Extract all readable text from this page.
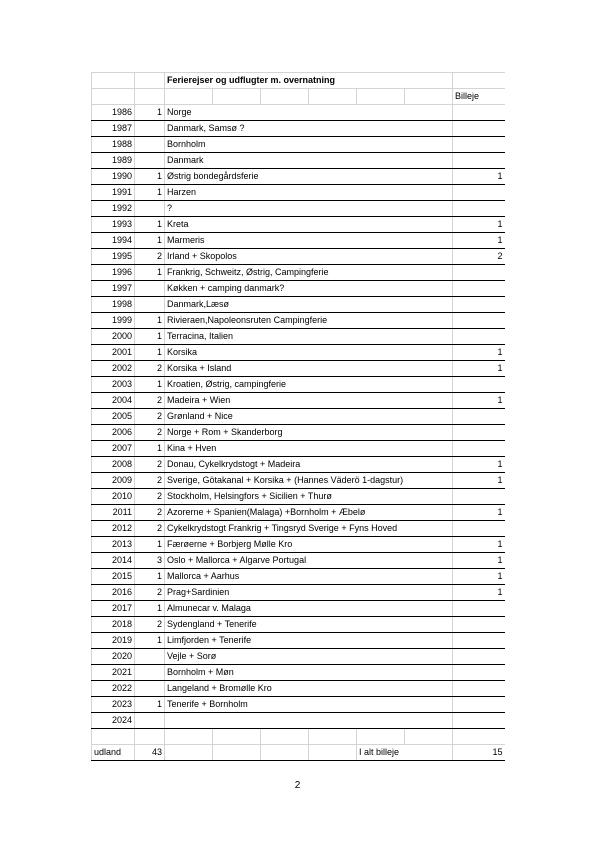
		Ferierejser og udflugter m. overnatning						
								Billeje
1986	1	Norge						
1987		Danmark, Samsø ?						
1988		Bornholm						
1989		Danmark						
1990	1	Østrig bondegårdsferie						1
1991	1	Harzen						
1992		?						
1993	1	Kreta						1
1994	1	Marmeris						1
1995	2	Irland + Skopolos						2
1996	1	Frankrig, Schweitz, Østrig, Campingferie						
1997		Køkken + camping danmark?						
1998		Danmark,Læsø						
1999	1	Rivieraen,Napoleonsruten Campingferie						
2000	1	Terracina, Italien						
2001	1	Korsika						1
2002	2	Korsika + Island						1
2003	1	Kroatien, Østrig, campingferie						
2004	2	Madeira + Wien						1
2005	2	Grønland + Nice						
2006	2	Norge + Rom + Skanderborg						
2007	1	Kina + Hven						
2008	2	Donau, Cykelkrydstogt + Madeira						1
2009	2	Sverige, Götakanal + Korsika + (Hannes Väderö 1-dagstur)						1
2010	2	Stockholm, Helsingfors + Sicilien + Thurø						
2011	2	Azorerne + Spanien(Malaga) +Bornholm + Æbelø						1
2012	2	Cykelkrydstogt Frankrig + Tingsryd Sverige + Fyns Hoved						
2013	1	Færøerne + Borbjerg Mølle Kro						1
2014	3	Oslo + Mallorca + Algarve Portugal						1
2015	1	Mallorca + Aarhus						1
2016	2	Prag+Sardinien						1
2017	1	Almunecar v. Malaga						
2018	2	Sydengland + Tenerife						
2019	1	Limfjorden + Tenerife						
2020		Vejle + Sorø						
2021		Bornholm + Møn						
2022		Langeland + Bromølle Kro						
2023	1	Tenerife + Bornholm						
2024								

udland	43					I alt billeje		15
2
